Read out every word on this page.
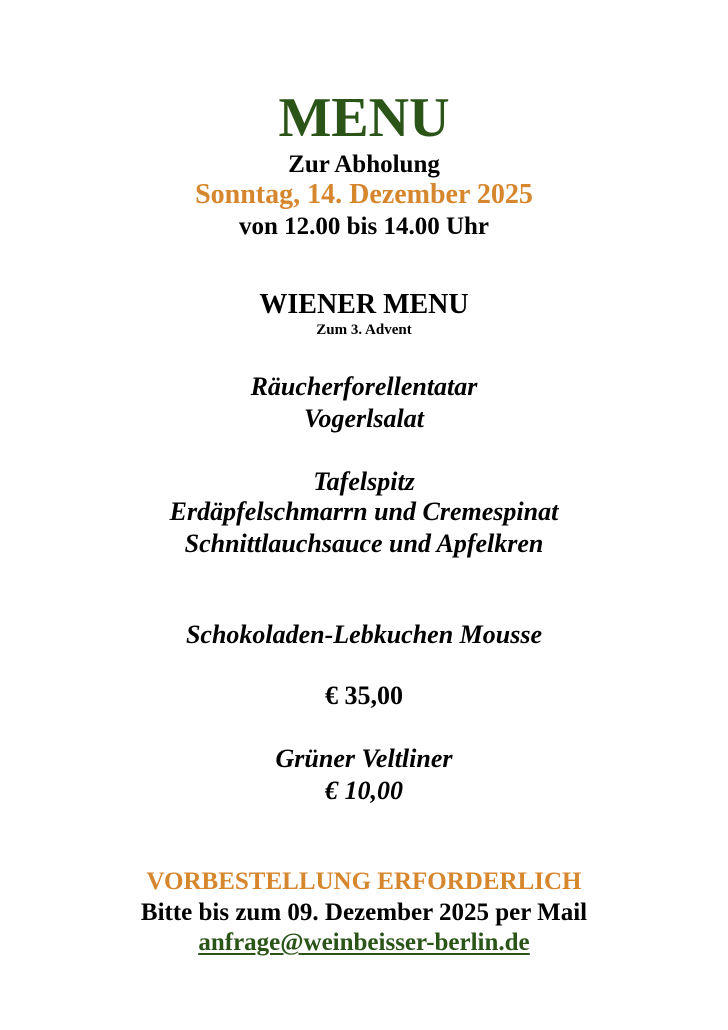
MENU
Zur Abholung
Sonntag, 14. Dezember 2025
von 12.00 bis 14.00 Uhr
WIENER MENU
Zum 3. Advent
Räucherforellentatar
Vogerlsalat
Tafelspitz
Erdäpfelschmarrn und Cremespinat
Schnittlauchsauce und Apfelkren
Schokoladen-Lebkuchen Mousse
€ 35,00
Grüner Veltliner
€ 10,00
VORBESTELLUNG ERFORDERLICH
Bitte bis zum 09. Dezember 2025 per Mail
anfrage@weinbeisser-berlin.de
